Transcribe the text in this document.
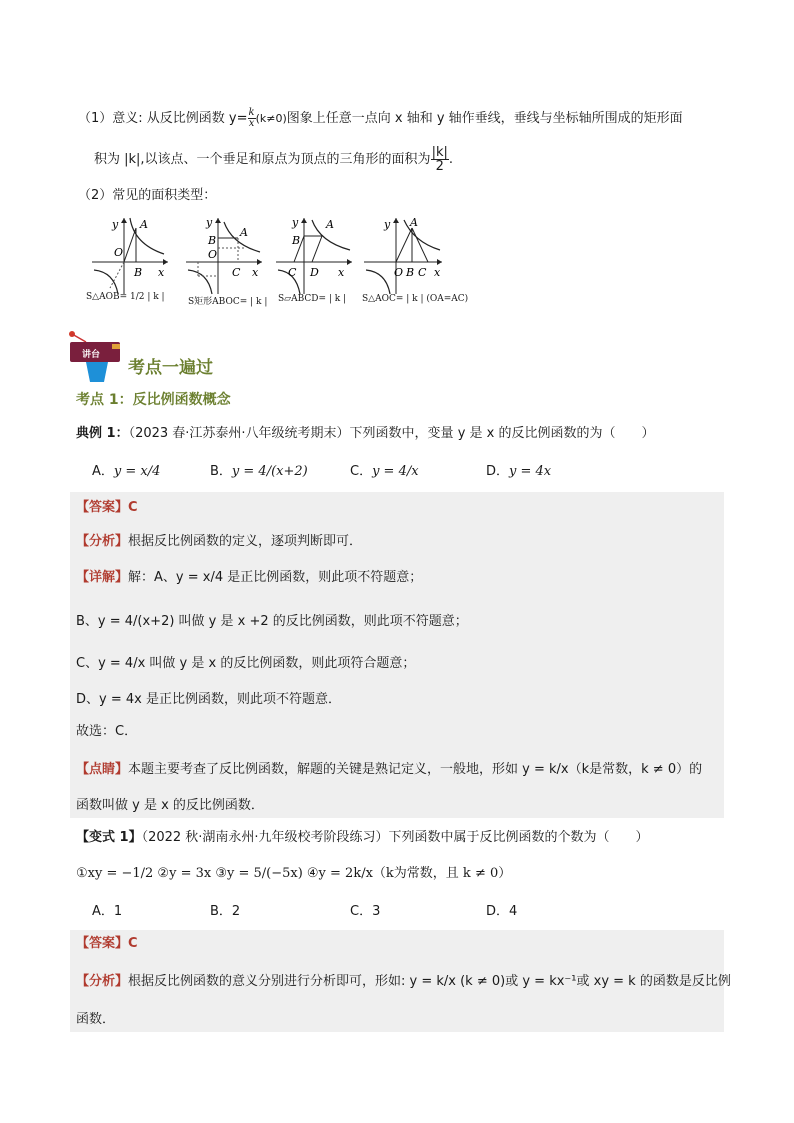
（1）意义: 从反比例函数 $y= \frac{k}{x} (k\ne 0)$图象上任意一点向 x 轴和 y 轴作垂线，垂线与坐标轴所围成的矩形面
积为 |k|,以该点、一个垂足和原点为顶点的三角形的面积为 $\frac{|k|}{2}$ .
（2）常见的面积类型：
y A
O
B x
S△AOB= 1/2 | k |
y
B
A
O
C x
S矩形ABOC= | k |
y	A
B
C D x
S▱ABCD= | k |
y A
O B C x
S△AOC= | k | (OA=AC)
讲台
考点一遍过
考点 1：反比例函数概念
典例 1：（2023 春·江苏泰州·八年级统考期末）下列函数中，变量 y 是 x 的反比例函数的为（　　）
A．y = x/4	B．y = 4/(x+2)	C．y = 4/x	D．y = 4x
【答案】C
【分析】根据反比例函数的定义，逐项判断即可．
【详解】解：A、y = x/4 是正比例函数，则此项不符题意；
B、y = 4/(x+2) 叫做 y 是 x +2 的反比例函数，则此项不符题意；
C、y = 4/x 叫做 y 是 x 的反比例函数，则此项符合题意；
D、y = 4x 是正比例函数，则此项不符题意．
故选：C．
【点睛】本题主要考查了反比例函数，解题的关键是熟记定义，一般地，形如 y = k/x（k是常数，k ≠ 0）的
函数叫做 y 是 x 的反比例函数．
【变式 1】（2022 秋·湖南永州·九年级校考阶段练习）下列函数中属于反比例函数的个数为（　　）
①xy = −1/2 ②y = 3x ③y = 5/(−5x) ④y = 2k/x（k为常数，且 k ≠ 0）
A．1	B．2	C．3	D．4
【答案】C
【分析】根据反比例函数的意义分别进行分析即可，形如: y = k/x (k ≠ 0)或 y = kx⁻¹或 xy = k 的函数是反比例
函数．
